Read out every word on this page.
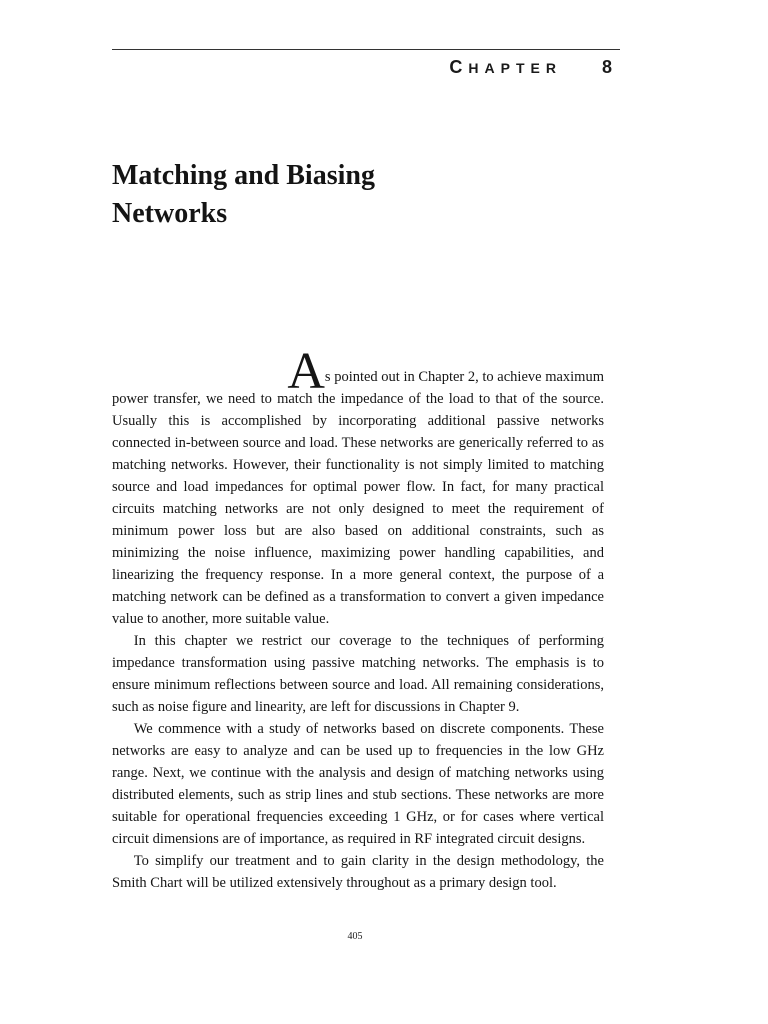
CHAPTER 8
Matching and Biasing
Networks
As pointed out in Chapter 2, to achieve maximum

power transfer, we need to match the impedance of the load to that of the source. Usually this is accomplished by incorporating additional passive networks connected in-between source and load. These networks are generically referred to as matching networks. However, their functionality is not simply limited to matching source and load impedances for optimal power flow. In fact, for many practical circuits matching networks are not only designed to meet the requirement of minimum power loss but are also based on additional constraints, such as minimizing the noise influence, maximizing power handling capabilities, and linearizing the frequency response. In a more general context, the purpose of a matching network can be defined as a transformation to convert a given impedance value to another, more suitable value.

In this chapter we restrict our coverage to the techniques of performing impedance transformation using passive matching networks. The emphasis is to ensure minimum reflections between source and load. All remaining considerations, such as noise figure and linearity, are left for discussions in Chapter 9.

We commence with a study of networks based on discrete components. These networks are easy to analyze and can be used up to frequencies in the low GHz range. Next, we continue with the analysis and design of matching networks using distributed elements, such as strip lines and stub sections. These networks are more suitable for operational frequencies exceeding 1 GHz, or for cases where vertical circuit dimensions are of importance, as required in RF integrated circuit designs.

To simplify our treatment and to gain clarity in the design methodology, the Smith Chart will be utilized extensively throughout as a primary design tool.

405
